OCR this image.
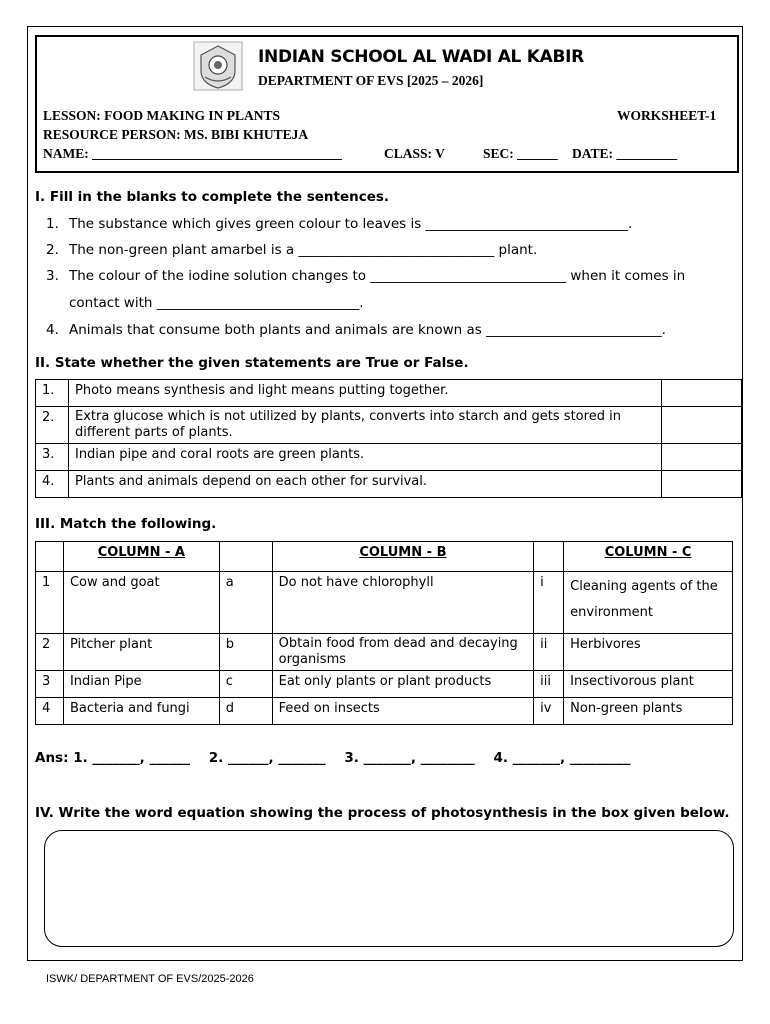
INDIAN SCHOOL AL WADI AL KABIR
DEPARTMENT OF EVS [2025 – 2026]
LESSON: FOOD MAKING IN PLANTS	WORKSHEET-1
RESOURCE PERSON: MS. BIBI KHUTEJA
NAME: _____________________________________	CLASS: V	SEC: ______ DATE: _________
I. Fill in the blanks to complete the sentences.
1. The substance which gives green colour to leaves is ______________________________.
2. The non-green plant amarbel is a _____________________________ plant.
3. The colour of the iodine solution changes to _____________________________ when it comes in
contact with ______________________________.
4. Animals that consume both plants and animals are known as __________________________.
II. State whether the given statements are True or False.
1.	Photo means synthesis and light means putting together.	
2.	Extra glucose which is not utilized by plants, converts into starch and gets stored in different parts of plants.	
3.	Indian pipe and coral roots are green plants.	
4.	Plants and animals depend on each other for survival.	
III. Match the following.
	COLUMN - A		COLUMN - B		COLUMN - C
1	Cow and goat	a	Do not have chlorophyll	i	Cleaning agents of the environment
2	Pitcher plant	b	Obtain food from dead and decaying organisms	ii	Herbivores
3	Indian Pipe	c	Eat only plants or plant products	iii	Insectivorous plant
4	Bacteria and fungi	d	Feed on insects	iv	Non-green plants
Ans: 1. _______, ______    2. ______, _______    3. _______, ________    4. _______, _________
IV. Write the word equation showing the process of photosynthesis in the box given below.
ISWK/ DEPARTMENT OF EVS/2025-2026
